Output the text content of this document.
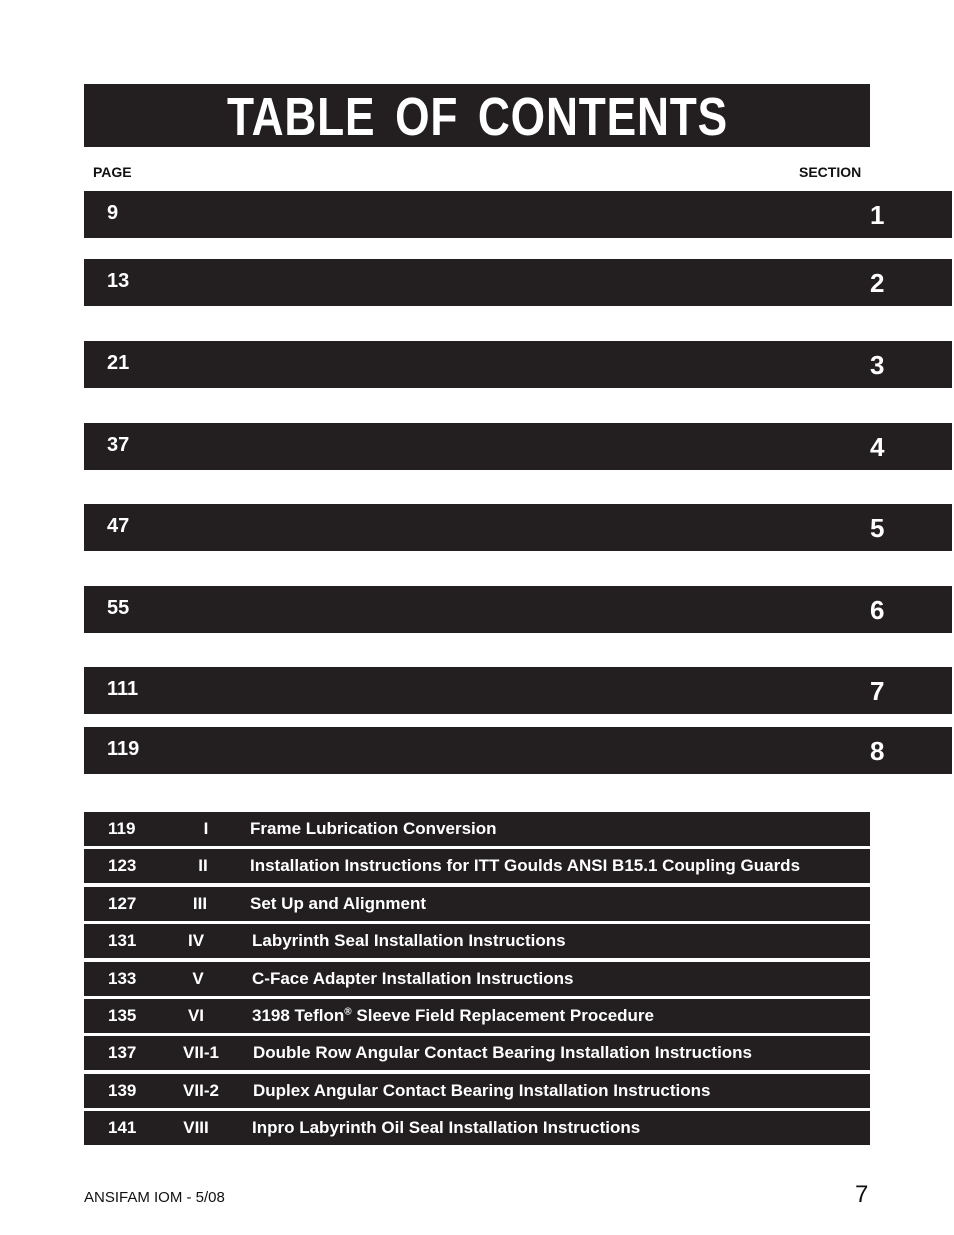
TABLE OF CONTENTS
PAGE	SECTION
9	1
13	2
21	3
37	4
47	5
55	6
111	7
119	8
119	I	Frame Lubrication Conversion
123	II	Installation Instructions for ITT Goulds ANSI B15.1 Coupling Guards
127	III	Set Up and Alignment
131	IV	Labyrinth Seal Installation Instructions
133	V	C-Face Adapter Installation Instructions
135	VI	3198 Teflon® Sleeve Field Replacement Procedure
137	VII-1	Double Row Angular Contact Bearing Installation Instructions
139	VII-2	Duplex Angular Contact Bearing Installation Instructions
141	VIII	Inpro Labyrinth Oil Seal Installation Instructions
ANSIFAM IOM - 5/08	7
